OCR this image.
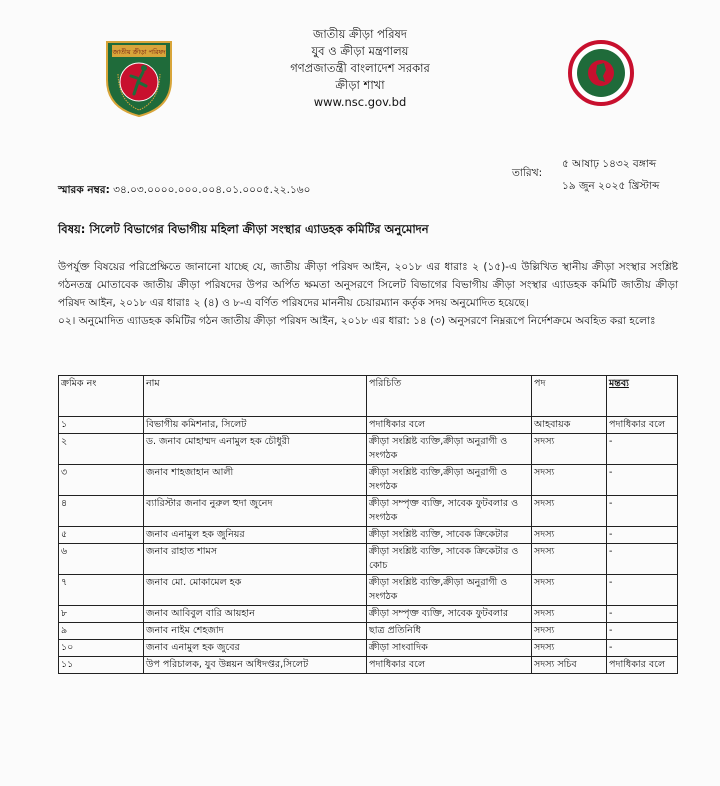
জাতীয় ক্রীড়া পরিষদ
জাতীয় ক্রীড়া পরিষদ
যুব ও ক্রীড়া মন্ত্রণালয়
গণপ্রজাতন্ত্রী বাংলাদেশ সরকার
ক্রীড়া শাখা
www.nsc.gov.bd
তারিখ:
৫ আষাঢ় ১৪৩২ বঙ্গাব্দ
১৯ জুন ২০২৫ খ্রিস্টাব্দ
স্মারক নম্বর: ৩৪.০৩.০০০০.০০০.০০৪.০১.০০০৫.২২.১৬০
বিষয়: সিলেট বিভাগের বিভাগীয় মহিলা ক্রীড়া সংস্থার এ্যাডহক কমিটির অনুমোদন

উপর্যুক্ত বিষয়ের পরিপ্রেক্ষিতে জানানো যাচ্ছে যে, জাতীয় ক্রীড়া পরিষদ আইন, ২০১৮ এর ধারাঃ ২ (১৫)-এ উল্লিখিত স্থানীয় ক্রীড়া সংস্থার সংশ্লিষ্ট গঠনতন্ত্র মোতাবেক জাতীয় ক্রীড়া পরিষদের উপর অর্পিত ক্ষমতা অনুসরণে সিলেট বিভাগের বিভাগীয় ক্রীড়া সংস্থার এ্যাডহক কমিটি জাতীয় ক্রীড়া পরিষদ আইন, ২০১৮ এর ধারাঃ ২ (৪) ও ৮-এ বর্ণিত পরিষদের মাননীয় চেয়ারম্যান কর্তৃক সদয় অনুমোদিত হয়েছে।

০২। অনুমোদিত এ্যাডহক কমিটির গঠন জাতীয় ক্রীড়া পরিষদ আইন, ২০১৮ এর ধারা: ১৪ (৩) অনুসরণে নিম্নরূপে নির্দেশক্রমে অবহিত করা হলোঃ

ক্রমিক নং	নাম	পরিচিতি	পদ	মন্তব্য
১	বিভাগীয় কমিশনার, সিলেট	পদাধিকার বলে	আহবায়ক	পদাধিকার বলে
২	ড. জনাব মোহাম্মদ এনামুল হক চৌধুরী	ক্রীড়া সংশ্লিষ্ট ব্যক্তি,ক্রীড়া অনুরাগী ও সংগঠক	সদস্য	-
৩	জনাব শাহজাহান আলী	ক্রীড়া সংশ্লিষ্ট ব্যক্তি,ক্রীড়া অনুরাগী ও সংগঠক	সদস্য	-
৪	ব্যারিস্টার জনাব নুরুল হুদা জুনেদ	ক্রীড়া সম্পৃক্ত ব্যক্তি, সাবেক ফুটবলার ও সংগঠক	সদস্য	-
৫	জনাব এনামুল হক জুনিয়র	ক্রীড়া সংশ্লিষ্ট ব্যক্তি, সাবেক ক্রিকেটার	সদস্য	-
৬	জনাব রাহাত শামস	ক্রীড়া সংশ্লিষ্ট ব্যক্তি, সাবেক ক্রিকেটার ও কোচ	সদস্য	-
৭	জনাব মো. মোকামেল হক	ক্রীড়া সংশ্লিষ্ট ব্যক্তি,ক্রীড়া অনুরাগী ও সংগঠক	সদস্য	-
৮	জনাব আবিবুল বারি আয়হান	ক্রীড়া সম্পৃক্ত ব্যক্তি, সাবেক ফুটবলার	সদস্য	-
৯	জনাব নাইম শেহজাদ	ছাত্র প্রতিনিধি	সদস্য	-
১০	জনাব এনামুল হক জুবের	ক্রীড়া সাংবাদিক	সদস্য	-
১১	উপ পরিচালক, যুব উন্নয়ন অধিদপ্তর,সিলেট	পদাধিকার বলে	সদস্য সচিব	পদাধিকার বলে
